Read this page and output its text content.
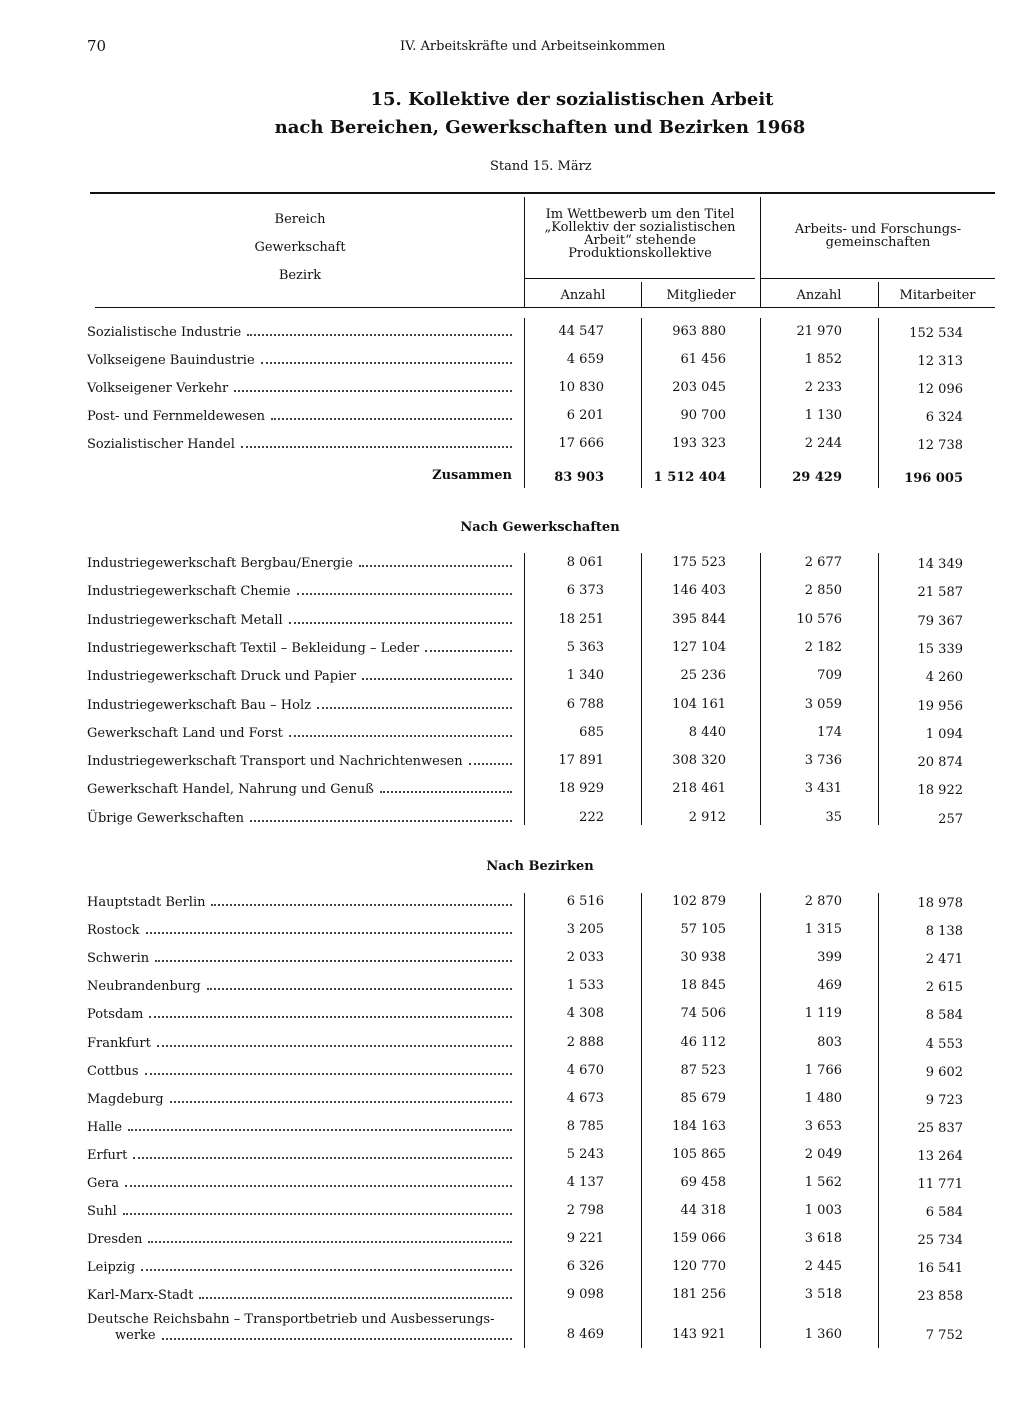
70	IV. Arbeitskräfte und Arbeitseinkommen
15. Kollektive der sozialistischen Arbeit
nach Bereichen, Gewerkschaften und Bezirken 1968
Stand 15. März
Bereich
Gewerkschaft
Bezirk
Im Wettbewerb um den Titel
„Kollektiv der sozialistischen
Arbeit“ stehende
Produktionskollektive
Arbeits- und Forschungs-
gemeinschaften
Anzahl	Mitglieder	Anzahl	Mitarbeiter
Sozialistische Industrie	44 547	963 880	21 970	152 534
Volkseigene Bauindustrie	4 659	61 456	1 852	12 313
Volkseigener Verkehr	10 830	203 045	2 233	12 096
Post- und Fernmeldewesen	6 201	90 700	1 130	6 324
Sozialistischer Handel	17 666	193 323	2 244	12 738
Zusammen	83 903	1 512 404	29 429	196 005
Nach Gewerkschaften
Industriegewerkschaft Bergbau/Energie	8 061	175 523	2 677	14 349
Industriegewerkschaft Chemie	6 373	146 403	2 850	21 587
Industriegewerkschaft Metall	18 251	395 844	10 576	79 367
Industriegewerkschaft Textil – Bekleidung – Leder	5 363	127 104	2 182	15 339
Industriegewerkschaft Druck und Papier	1 340	25 236	709	4 260
Industriegewerkschaft Bau – Holz	6 788	104 161	3 059	19 956
Gewerkschaft Land und Forst	685	8 440	174	1 094
Industriegewerkschaft Transport und Nachrichtenwesen	17 891	308 320	3 736	20 874
Gewerkschaft Handel, Nahrung und Genuß	18 929	218 461	3 431	18 922
Übrige Gewerkschaften	222	2 912	35	257
Nach Bezirken
Hauptstadt Berlin	6 516	102 879	2 870	18 978
Rostock	3 205	57 105	1 315	8 138
Schwerin	2 033	30 938	399	2 471
Neubrandenburg	1 533	18 845	469	2 615
Potsdam	4 308	74 506	1 119	8 584
Frankfurt	2 888	46 112	803	4 553
Cottbus	4 670	87 523	1 766	9 602
Magdeburg	4 673	85 679	1 480	9 723
Halle	8 785	184 163	3 653	25 837
Erfurt	5 243	105 865	2 049	13 264
Gera	4 137	69 458	1 562	11 771
Suhl	2 798	44 318	1 003	6 584
Dresden	9 221	159 066	3 618	25 734
Leipzig	6 326	120 770	2 445	16 541
Karl-Marx-Stadt	9 098	181 256	3 518	23 858
Deutsche Reichsbahn – Transportbetrieb und Ausbesserungs-
werke	8 469	143 921	1 360	7 752
